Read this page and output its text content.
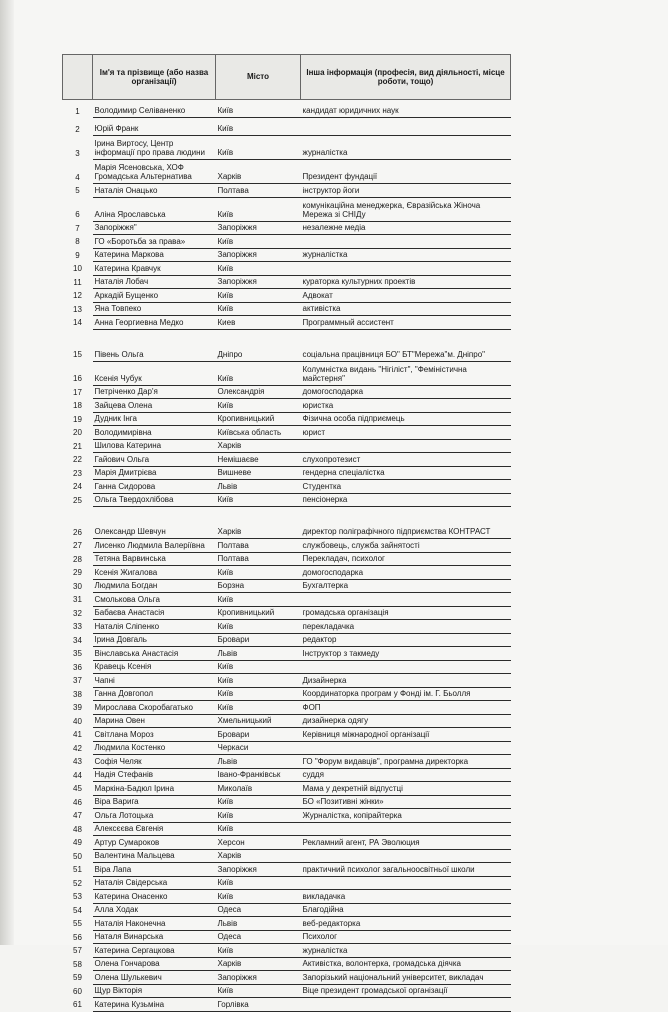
	Ім'я та прізвище (або назва організації)	Місто	Інша інформація (професія, вид діяльності, місце роботи, тощо)
1	Володимир Селіваненко	Київ	кандидат юридичних наук
2	Юрій Франк	Київ	
3	Ірина Виртосу, Центр інформації про права людини	Київ	журналістка
4	Марія Ясеновська, ХОФ Громадська Альтернатива	Харків	Президент фундації
5	Наталія Онацько	Полтава	інструктор йоги
6	Аліна Ярославська	Київ	комунікаційна менеджерка, Євразійська Жіноча Мережа зі СНІДу
7	Запоріжжя"	Запоріжжя	незалежне медіа
8	ГО «Боротьба за права»	Київ	
9	Катерина Маркова	Запоріжжя	журналістка
10	Катерина Кравчук	Київ	
11	Наталія Лобач	Запоріжжя	кураторка культурних проектів
12	Аркадій Бущенко	Київ	Адвокат
13	Яна Товпеко	Київ	активістка
14	Анна Георгиевна Медко	Киев	Программный ассистент
15	Півень Ольга	Дніпро	соціальна працівниця БО" БТ"Мережа"м. Дніпро"
16	Ксенія Чубук	Київ	Колумністка видань "Нігіліст", "Феміністична майстерня"
17	Петріченко Дар'я	Олександрія	домогосподарка
18	Зайцева Олена	Київ	юристка
19	Дудник Інга	Кропивницький	Фізична особа підприємець
20	Володимирівна	Київська область	юрист
21	Шилова Катерина	Харків	
22	Гайович Ольга	Немішаєве	слухопротезист
23	Марія Дмитрієва	Вишневе	гендерна спеціалістка
24	Ганна Сидорова	Львів	Студентка
25	Ольга Твердохлібова	Київ	пенсіонерка
26	Олександр Шевчун	Харків	директор поліграфічного підприємства КОНТРАСТ
27	Лисенко Людмила Валеріївна	Полтава	службовець, служба зайнятості
28	Тетяна Варвинська	Полтава	Перекладач, психолог
29	Ксенія Жигалова	Київ	домогосподарка
30	Людмила Богдан	Борзна	Бухгалтерка
31	Смолькова Ольга	Київ	
32	Бабаєва Анастасія	Кропивницький	громадська організація
33	Наталія Сліпенко	Київ	перекладачка
34	Ірина Довгаль	Бровари	редактор
35	Вінславська Анастасія	Львів	Інструктор з такмеду
36	Кравець Ксенія	Київ	
37	Чапні	Київ	Дизайнерка
38	Ганна Довгопол	Київ	Координаторка програм у Фонді ім. Г. Бьолля
39	Мирослава Скоробагатько	Київ	ФОП
40	Марина Овен	Хмельницький	дизайнерка одягу
41	Світлана Мороз	Бровари	Керівниця міжнародної організації
42	Людмила Костенко	Черкаси	
43	Софія Челяк	Львів	ГО "Форум видавців", програмна директорка
44	Надія Стефанів	Івано-Франківськ	суддя
45	Маркіна-Бадюл Ірина	Миколаїв	Мама у декретній відпустці
46	Віра Варига	Київ	БО «Позитивні жінки»
47	Ольга Лотоцька	Київ	Журналістка, копірайтерка
48	Алексєєва Євгенія	Київ	
49	Артур Сумароков	Херсон	Рекламний агент, РА Эволюция
50	Валентина Мальцева	Харків	
51	Віра Лапа	Запоріжжя	практичний психолог загальноосвітньої школи
52	Наталія Свідерська	Київ	
53	Катерина Онасенко	Київ	викладачка
54	Алла Ходак	Одеса	Благодійна
55	Наталія Наконечна	Львів	веб-редакторка
56	Наталя Винарська	Одеса	Психолог
57	Катерина Сергацкова	Київ	журналістка
58	Олена Гончарова	Харків	Активістка, волонтерка, громадська діячка
59	Олена Шулькевич	Запоріжжя	Запорізький національний університет, викладач
60	Щур Вікторія	Київ	Віце президент громадської організації
61	Катерина Кузьміна	Горлівка	
